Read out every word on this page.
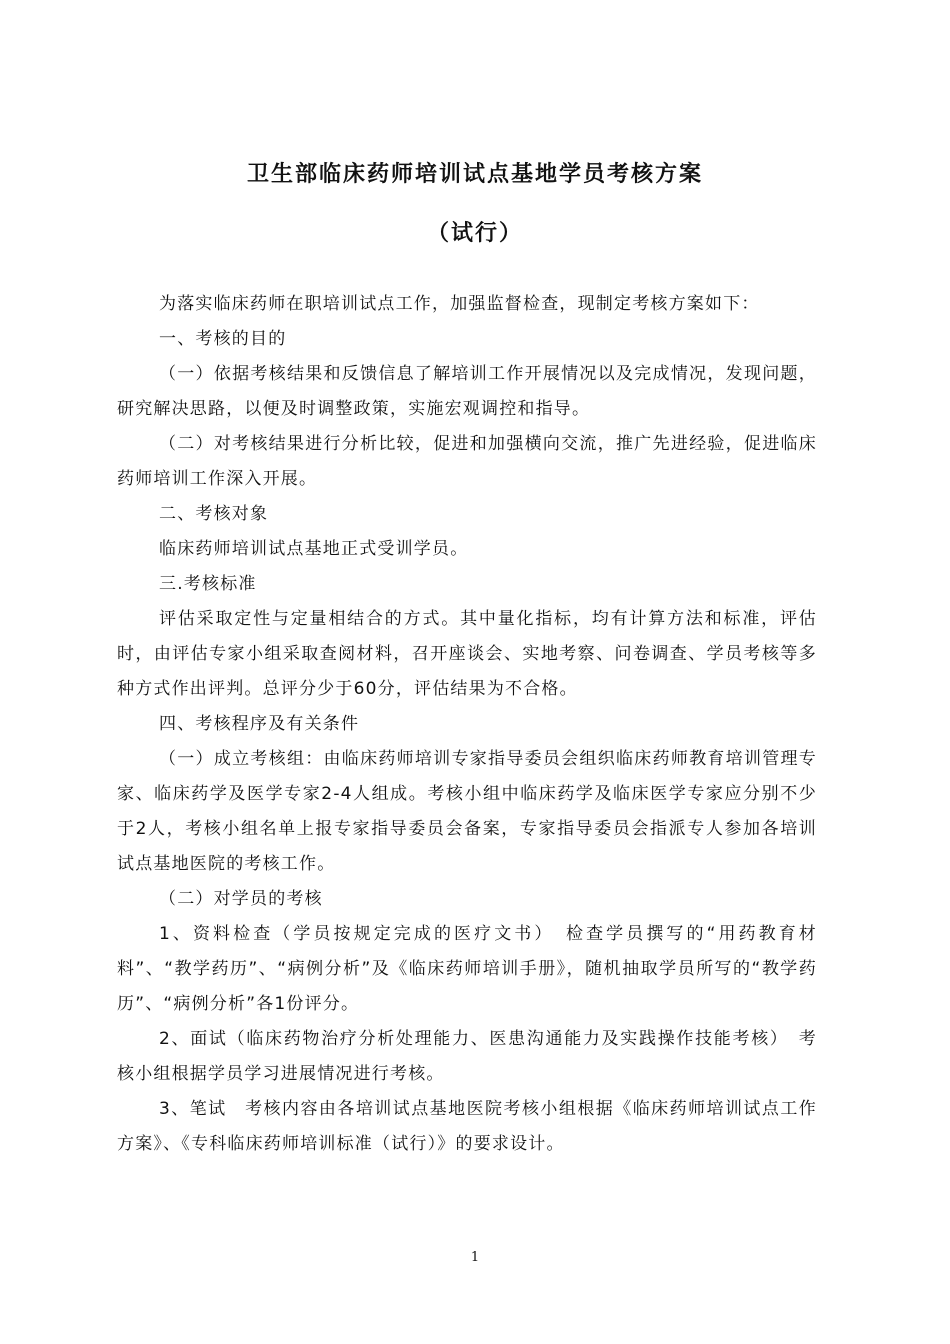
卫生部临床药师培训试点基地学员考核方案
（试行）

为落实临床药师在职培训试点工作，加强监督检查，现制定考核方案如下：

一、考核的目的

（一）依据考核结果和反馈信息了解培训工作开展情况以及完成情况，发现问题，研究解决思路，以便及时调整政策，实施宏观调控和指导。

（二）对考核结果进行分析比较，促进和加强横向交流，推广先进经验，促进临床药师培训工作深入开展。

二、考核对象

临床药师培训试点基地正式受训学员。

三.考核标准

评估采取定性与定量相结合的方式。其中量化指标，均有计算方法和标准，评估时，由评估专家小组采取查阅材料，召开座谈会、实地考察、问卷调查、学员考核等多种方式作出评判。总评分少于60分，评估结果为不合格。

四、考核程序及有关条件

（一）成立考核组：由临床药师培训专家指导委员会组织临床药师教育培训管理专家、临床药学及医学专家2-4人组成。考核小组中临床药学及临床医学专家应分别不少于2人，考核小组名单上报专家指导委员会备案，专家指导委员会指派专人参加各培训试点基地医院的考核工作。

（二）对学员的考核

1、资料检查（学员按规定完成的医疗文书）　检查学员撰写的“用药教育材料”、“教学药历”、“病例分析”及《临床药师培训手册》，随机抽取学员所写的“教学药历”、“病例分析”各1份评分。

2、面试（临床药物治疗分析处理能力、医患沟通能力及实践操作技能考核）　考核小组根据学员学习进展情况进行考核。

3、笔试　考核内容由各培训试点基地医院考核小组根据《临床药师培训试点工作方案》、《专科临床药师培训标准（试行）》的要求设计。

1
